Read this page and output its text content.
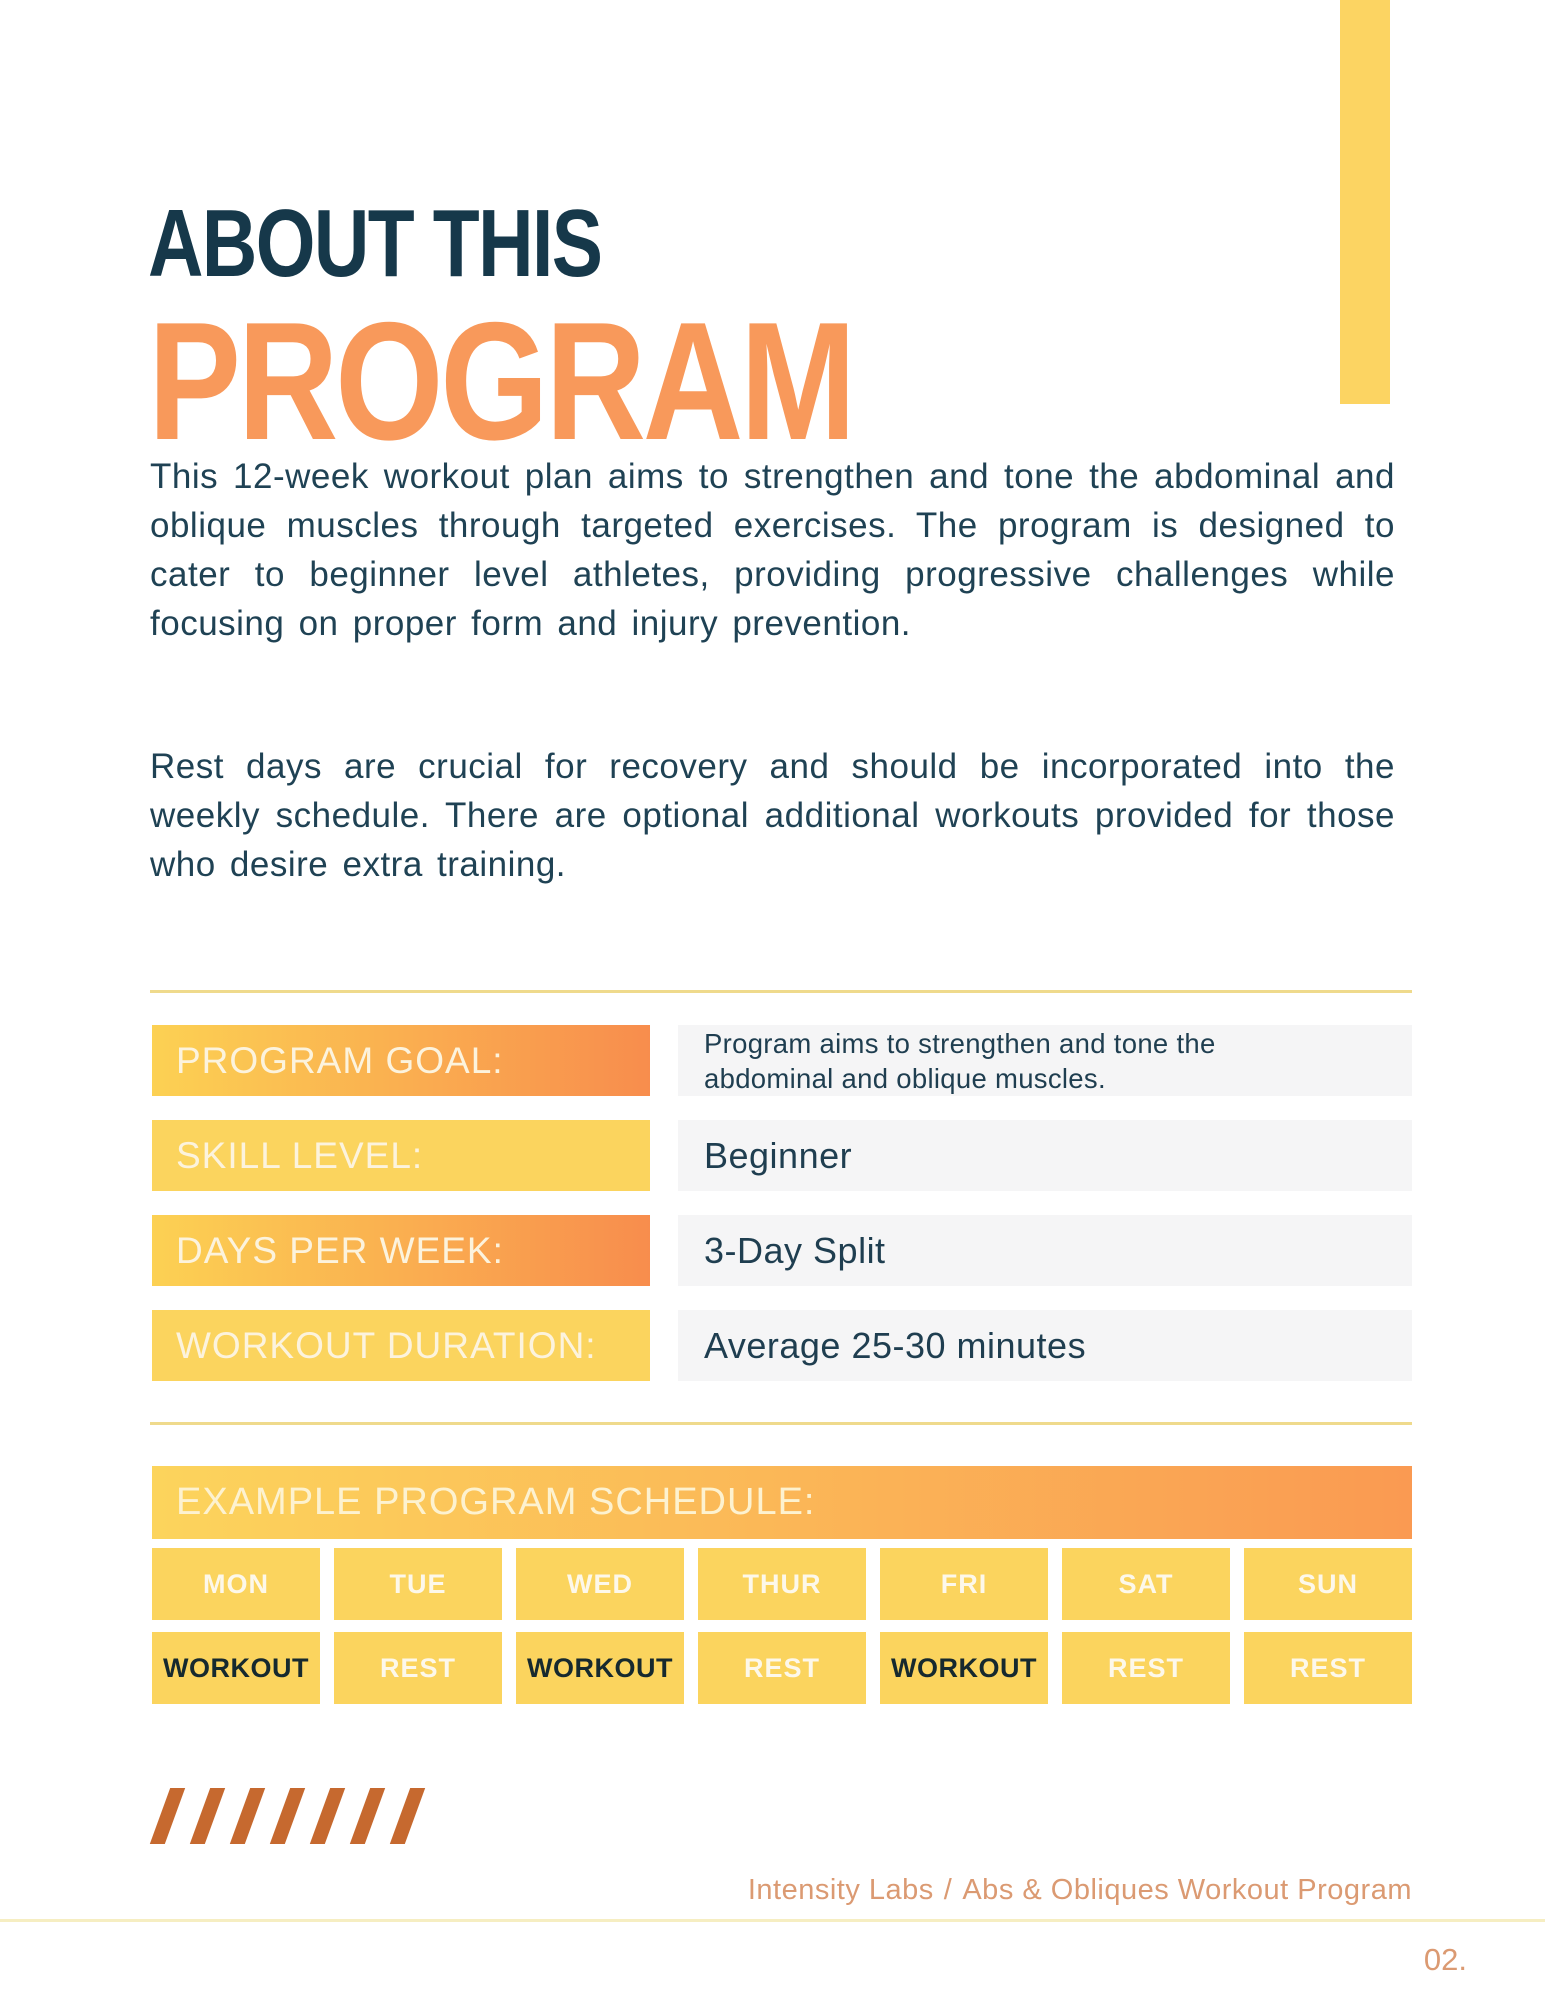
ABOUT THIS
PROGRAM
This 12-week workout plan aims to strengthen and tone the abdominal and oblique muscles through targeted exercises. The program is designed to cater to beginner level athletes, providing progressive challenges while focusing on proper form and injury prevention.
Rest days are crucial for recovery and should be incorporated into the weekly schedule. There are optional additional workouts provided for those who desire extra training.
PROGRAM GOAL:	Program aims to strengthen and tone the abdominal and oblique muscles.
SKILL LEVEL:	Beginner
DAYS PER WEEK:	3-Day Split
WORKOUT DURATION:	Average 25-30 minutes
EXAMPLE PROGRAM SCHEDULE:
MON	TUE	WED	THUR	FRI	SAT	SUN
WORKOUT	REST	WORKOUT	REST	WORKOUT	REST	REST
Intensity Labs / Abs & Obliques Workout Program
02.
